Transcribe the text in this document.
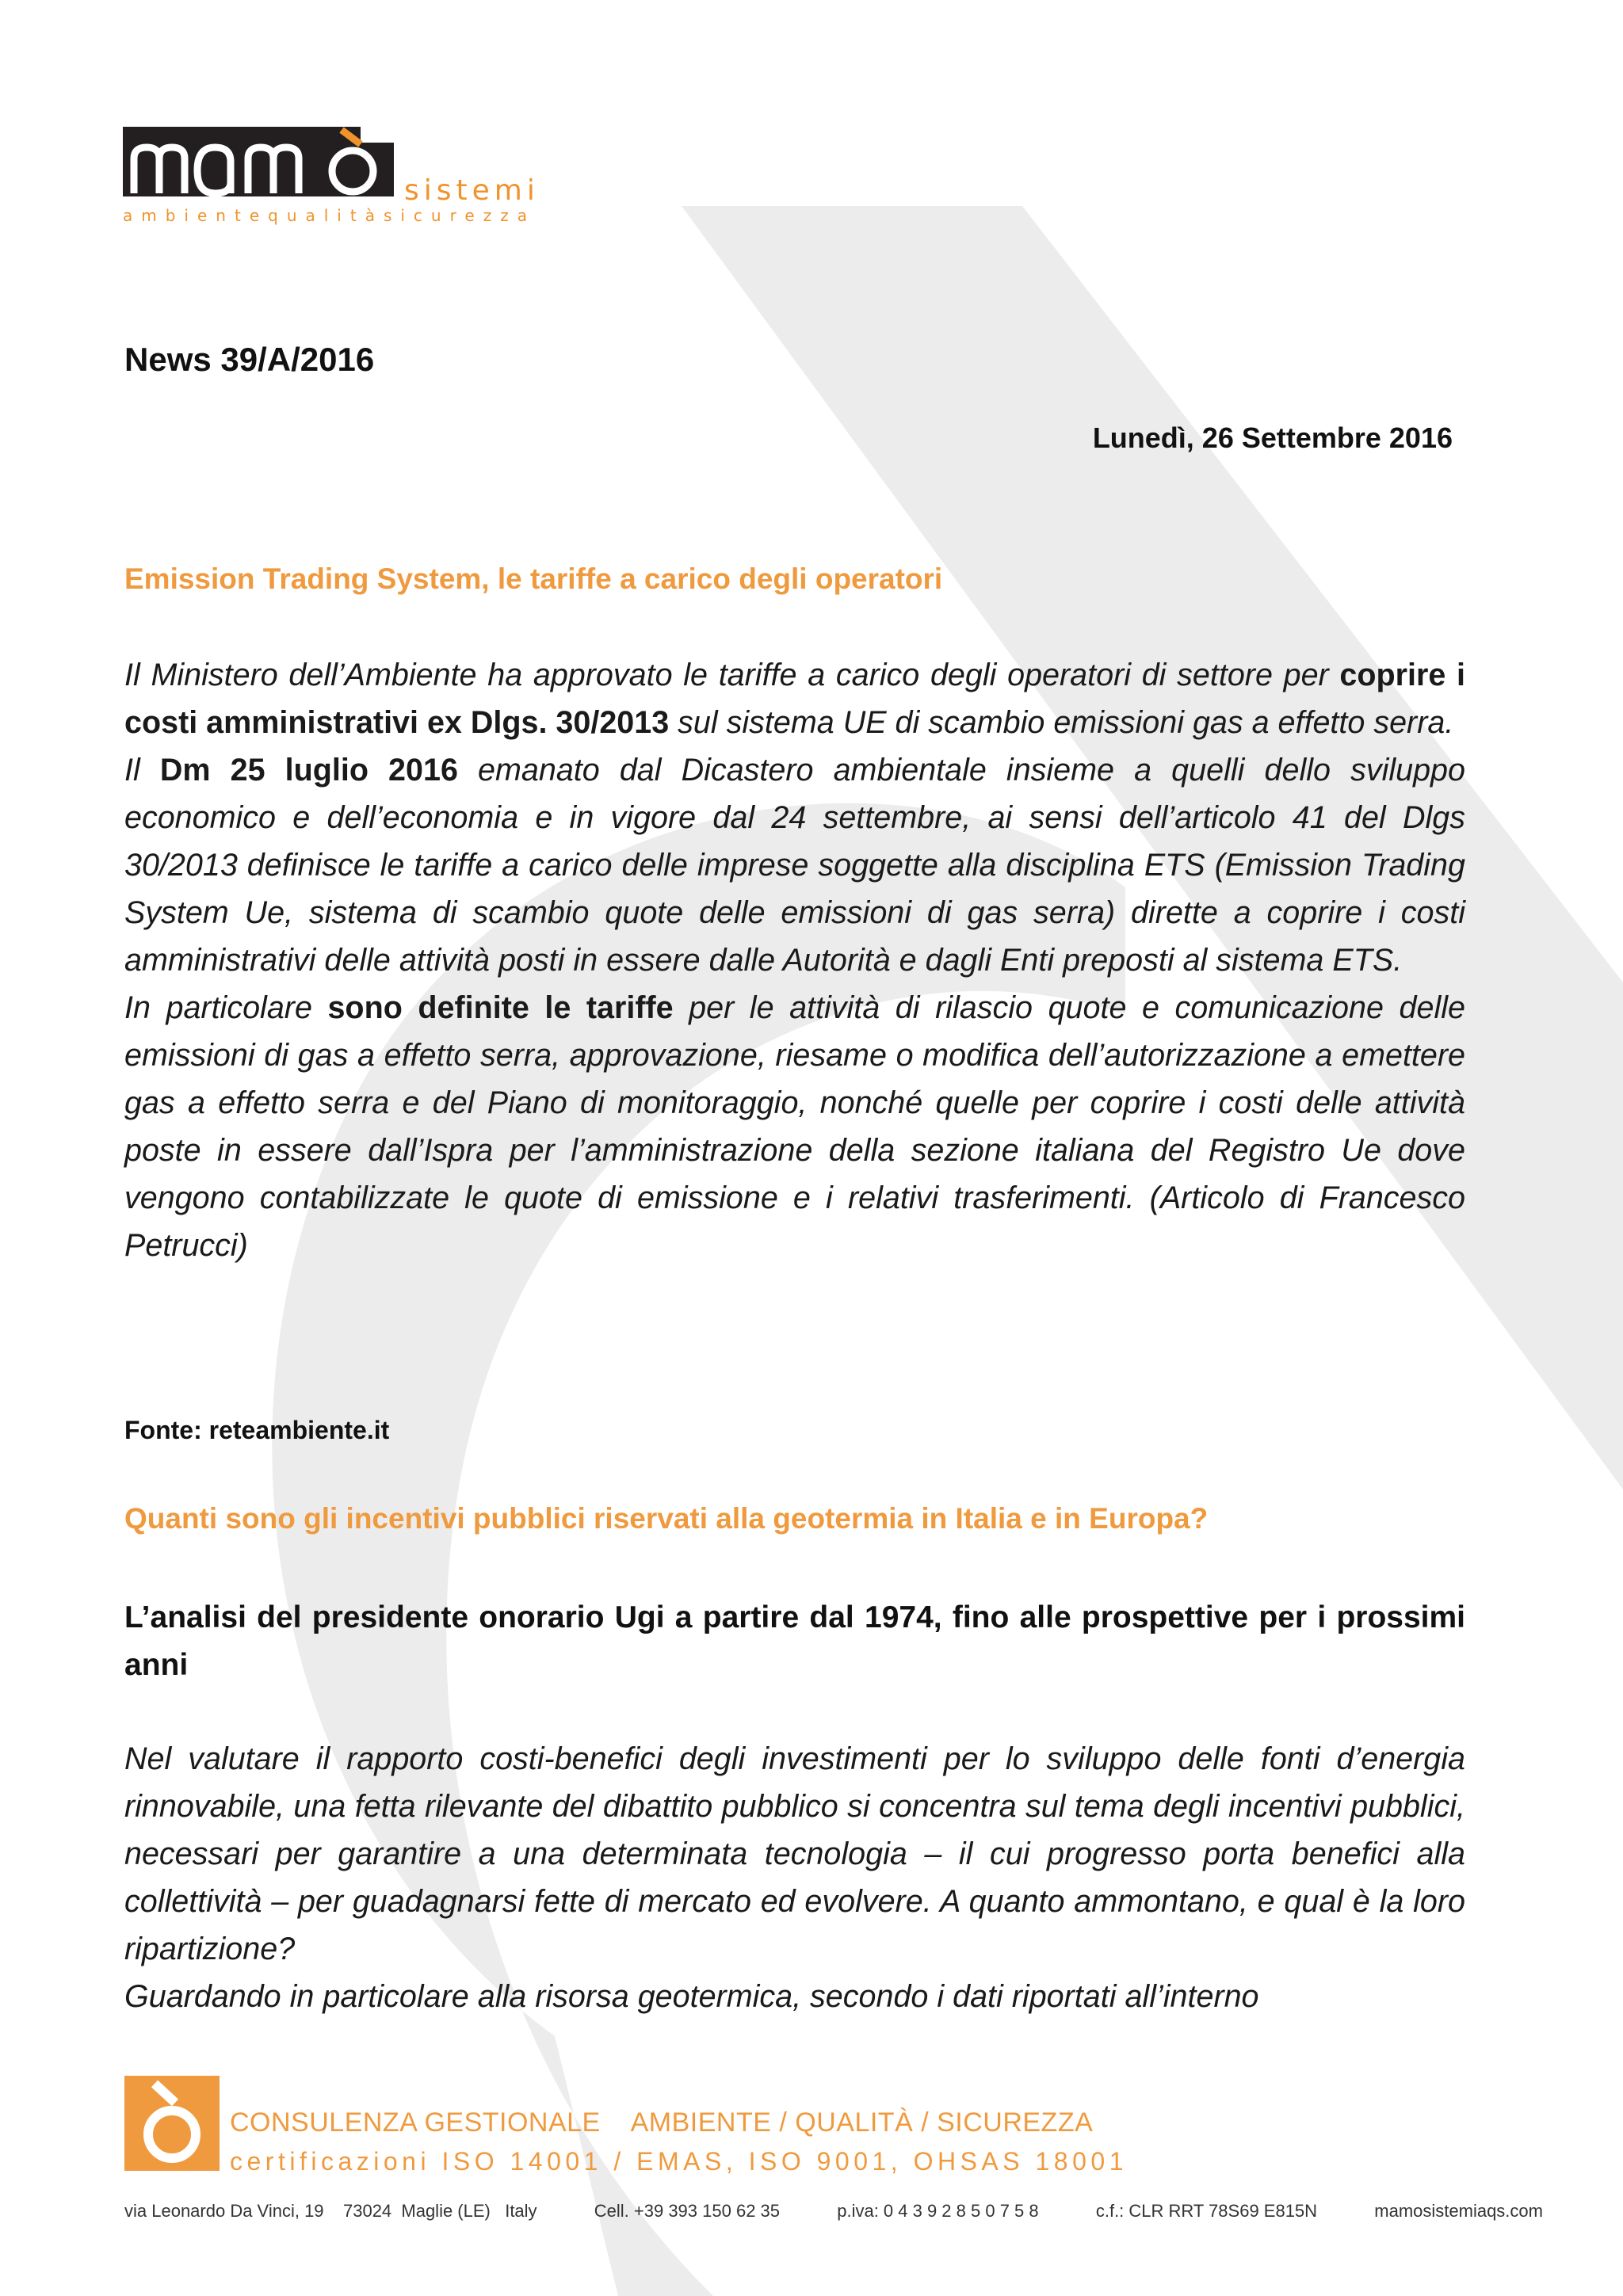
sistemi
ambientequalitàsicurezza
News 39/A/2016
Lunedì, 26 Settembre 2016
Emission Trading System, le tariffe a carico degli operatori

Il Ministero dell’Ambiente ha approvato le tariffe a carico degli operatori di settore per coprire i costi amministrativi ex Dlgs. 30/2013 sul sistema UE di scambio emissioni gas a effetto serra.

Il Dm 25 luglio 2016 emanato dal Dicastero ambientale insieme a quelli dello sviluppo economico e dell’economia e in vigore dal 24 settembre, ai sensi dell’articolo 41 del Dlgs 30/2013 definisce le tariffe a carico delle imprese soggette alla disciplina ETS (Emission Trading System Ue, sistema di scambio quote delle emissioni di gas serra) dirette a coprire i costi amministrativi delle attività posti in essere dalle Autorità e dagli Enti preposti al sistema ETS.

In particolare sono definite le tariffe per le attività di rilascio quote e comunicazione delle emissioni di gas a effetto serra, approvazione, riesame o modifica dell’autorizzazione a emettere gas a effetto serra e del Piano di monitoraggio, nonché quelle per coprire i costi delle attività poste in essere dall’Ispra per l’amministrazione della sezione italiana del Registro Ue dove vengono contabilizzate le quote di emissione e i relativi trasferimenti. (Articolo di Francesco Petrucci)

Fonte: reteambiente.it
Quanti sono gli incentivi pubblici riservati alla geotermia in Italia e in Europa?
L’analisi del presidente onorario Ugi a partire dal 1974, fino alle prospettive per i prossimi anni

Nel valutare il rapporto costi-benefici degli investimenti per lo sviluppo delle fonti d’energia rinnovabile, una fetta rilevante del dibattito pubblico si concentra sul tema degli incentivi pubblici, necessari per garantire a una determinata tecnologia – il cui progresso porta benefici alla collettività – per guadagnarsi fette di mercato ed evolvere. A quanto ammontano, e qual è la loro ripartizione?

Guardando in particolare alla risorsa geotermica, secondo i dati riportati all’interno

CONSULENZA GESTIONALE    AMBIENTE / QUALITÀ / SICUREZZA
certificazioni ISO 14001 / EMAS, ISO 9001, OHSAS 18001
via Leonardo Da Vinci, 19    73024  Maglie (LE)   Italy	Cell. +39 393 150 62 35	p.iva: 0 4 3 9 2 8 5 0 7 5 8	c.f.: CLR RRT 78S69 E815N	mamosistemiaqs.com
